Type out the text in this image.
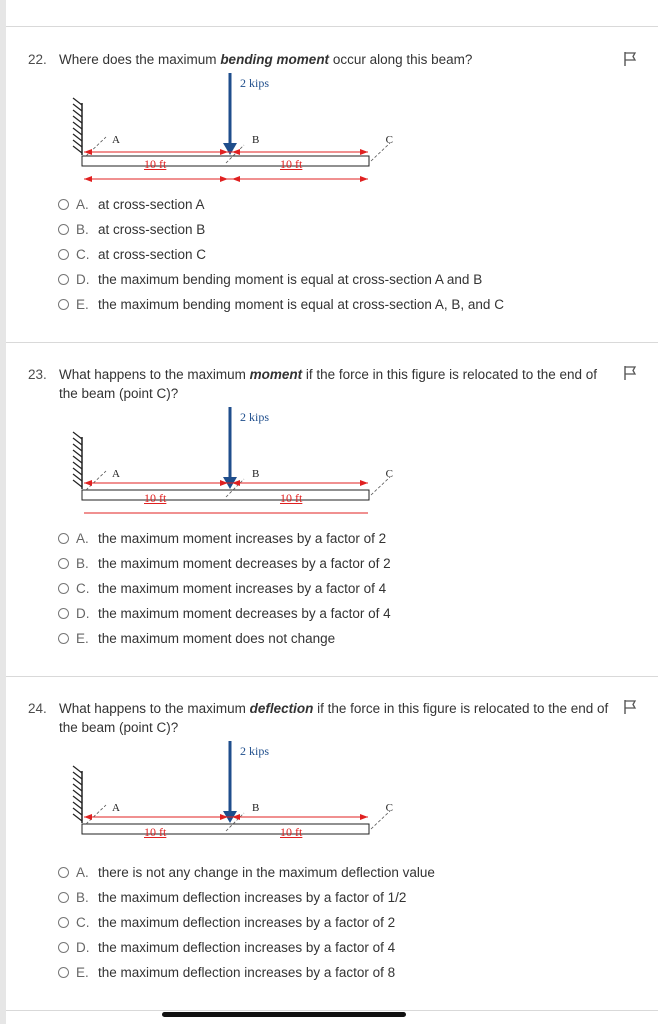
22. Where does the maximum bending moment occur along this beam?
A	B	C
2 kips
10 ft	10 ft
A. at cross-section A
B. at cross-section B
C. at cross-section C
D. the maximum bending moment is equal at cross-section A and B
E. the maximum bending moment is equal at cross-section A, B, and C
23. What happens to the maximum moment if the force in this figure is relocated to the end of the beam (point C)?
A	B	C
2 kips
10 ft	10 ft
A. the maximum moment increases by a factor of 2
B. the maximum moment decreases by a factor of 2
C. the maximum moment increases by a factor of 4
D. the maximum moment decreases by a factor of 4
E. the maximum moment does not change
24. What happens to the maximum deflection if the force in this figure is relocated to the end of the beam (point C)?
A	B	C
2 kips
10 ft	10 ft
A. there is not any change in the maximum deflection value
B. the maximum deflection increases by a factor of 1/2
C. the maximum deflection increases by a factor of 2
D. the maximum deflection increases by a factor of 4
E. the maximum deflection increases by a factor of 8
